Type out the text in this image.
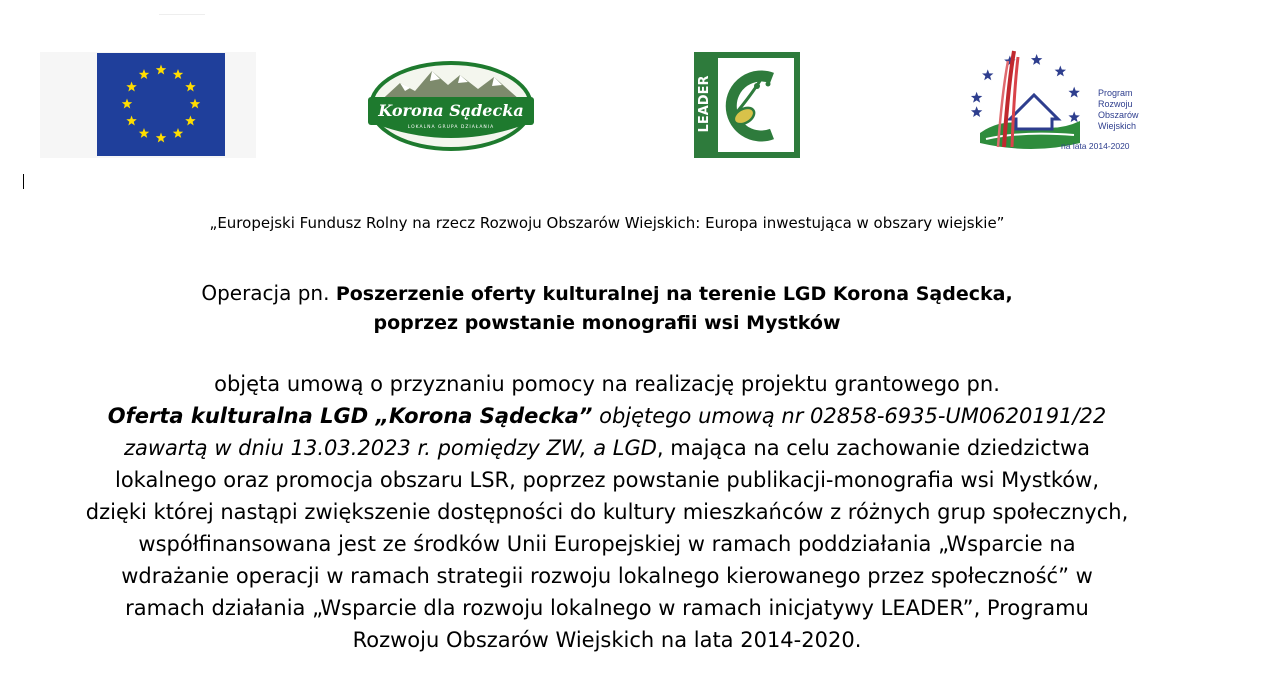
Korona Sądecka
LOKALNA GRUPA DZIAŁANIA	LEADER	Program
Rozwoju
Obszarów
Wiejskich
na lata 2014-2020
„Europejski Fundusz Rolny na rzecz Rozwoju Obszarów Wiejskich: Europa inwestująca w obszary wiejskie”
Operacja pn. Poszerzenie oferty kulturalnej na terenie LGD Korona Sądecka,
poprzez powstanie monografii wsi Mystków
objęta umową o przyznaniu pomocy na realizację projektu grantowego pn.
Oferta kulturalna LGD „Korona Sądecka” objętego umową nr 02858-6935-UM0620191/22
zawartą w dniu 13.03.2023 r. pomiędzy ZW, a LGD, mająca na celu zachowanie dziedzictwa
lokalnego oraz promocja obszaru LSR, poprzez powstanie publikacji-monografia wsi Mystków,
dzięki której nastąpi zwiększenie dostępności do kultury mieszkańców z różnych grup społecznych,
współfinansowana jest ze środków Unii Europejskiej w ramach poddziałania „Wsparcie na
wdrażanie operacji w ramach strategii rozwoju lokalnego kierowanego przez społeczność” w
ramach działania „Wsparcie dla rozwoju lokalnego w ramach inicjatywy LEADER”, Programu
Rozwoju Obszarów Wiejskich na lata 2014-2020.
